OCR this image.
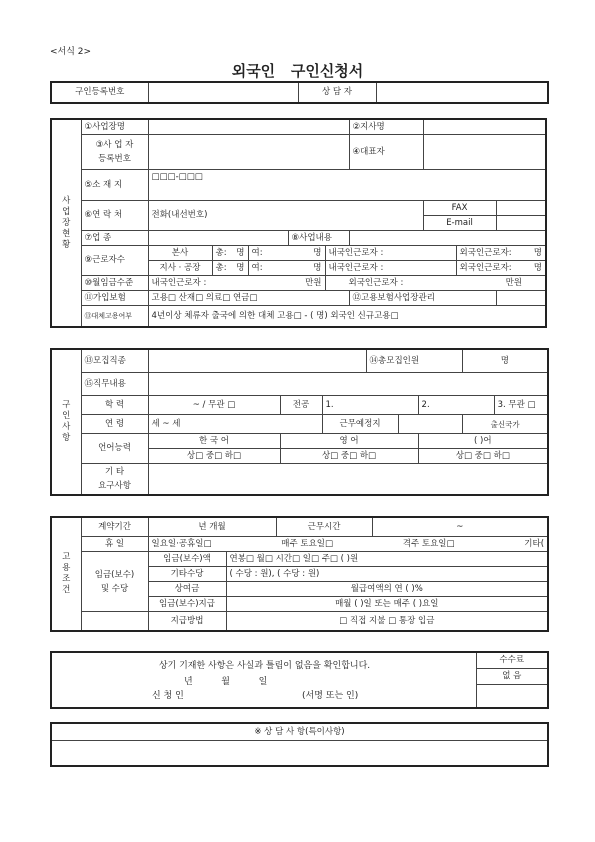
<서식 2>
외국인   구인신청서
구인등록번호		상 담 자	
사
업
장
현
황	①사업장명						②지사명			
	③사 업 자
등록번호						④대표자			
	⑤소 재 지	□□□-□□□								
	⑥연 락 처	전화(내선번호)						FAX		
								E-mail		
	⑦업 종				⑧사업내용					
	⑨근로자수	본사	총: 명	여: 명		내국인근로자 :			외국인근로자: 명	

		지사 · 공장	총: 명	여: 명		내국인근로자 :			외국인근로자: 명	

	⑩월임금수준	내국인근로자 : 만원				외국인근로자 : 만원				

	⑪가입보험	고용□ 산재□ 의료□ 연금□					⑫고용보험사업장관리			
	⑬대체고용여부	4년이상 체류자 출국에 의한 대체 고용□ - ( 명) 외국인 신규고용□								
구
인
사
항	⑬모집직종				⑭총모집인원			명		
	⑮직무내용									
	학 력	~ / 무관 □	전공	1.			2.		3. 무관 □	
	연 령	세 ~ 세		근무예정지				출신국가	
	언어능력	한 국 어	영 어				( )어			
		상□ 중□ 하□	상□ 중□ 하□				상□ 중□ 하□			
	기 타
요구사항									
고
용
조
건	계약기간	년 개월		근무시간	~
	휴 일	일요일·공휴일□ 매주 토요일□ 격주 토요일□ 기타(			

	임금(보수)
및 수당	임금(보수)액	연봉□ 월□ 시간□ 일□ 주□ ( )원		
		기타수당	( 수당 : 원), ( 수당 : 원)		
		상여금	월급여액의 연 ( )%		
		임금(보수)지급	매월 ( )일 또는 매주 ( )요일		
		지급방법	□ 직접 지불 □ 통장 입금		
상기 기재한 사항은 사실과 틀림이 없음을 확인합니다.
년          월          일
신 청 인	(서명 또는 인)
	수수료
없 음

※ 상 담 사 항(특이사항)
